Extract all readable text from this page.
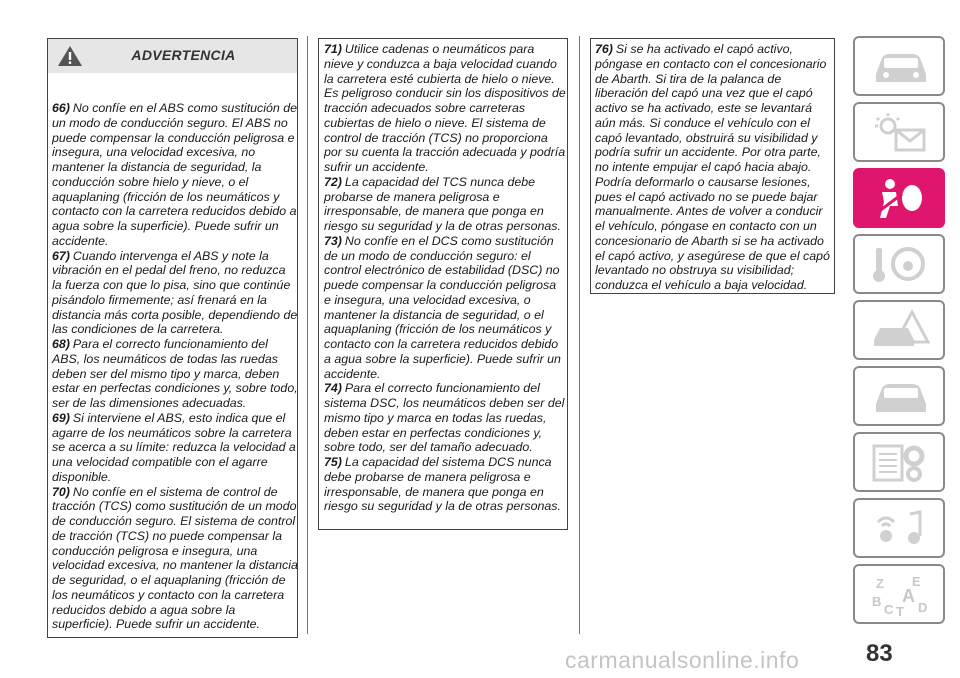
ADVERTENCIA

66) No confíe en el ABS como sustitución de un modo de conducción seguro. El ABS no puede compensar la conducción peligrosa e insegura, una velocidad excesiva, no mantener la distancia de seguridad, la conducción sobre hielo y nieve, o el aquaplaning (fricción de los neumáticos y contacto con la carretera reducidos debido a agua sobre la superficie). Puede sufrir un accidente.

67) Cuando intervenga el ABS y note la vibración en el pedal del freno, no reduzca la fuerza con que lo pisa, sino que continúe pisándolo firmemente; así frenará en la distancia más corta posible, dependiendo de las condiciones de la carretera.

68) Para el correcto funcionamiento del ABS, los neumáticos de todas las ruedas deben ser del mismo tipo y marca, deben estar en perfectas condiciones y, sobre todo, ser de las dimensiones adecuadas.

69) Si interviene el ABS, esto indica que el agarre de los neumáticos sobre la carretera se acerca a su límite: reduzca la velocidad a una velocidad compatible con el agarre disponible.

70) No confíe en el sistema de control de tracción (TCS) como sustitución de un modo de conducción seguro. El sistema de control de tracción (TCS) no puede compensar la conducción peligrosa e insegura, una velocidad excesiva, no mantener la distancia de seguridad, o el aquaplaning (fricción de los neumáticos y contacto con la carretera reducidos debido a agua sobre la superficie). Puede sufrir un accidente.

71) Utilice cadenas o neumáticos para nieve y conduzca a baja velocidad cuando la carretera esté cubierta de hielo o nieve. Es peligroso conducir sin los dispositivos de tracción adecuados sobre carreteras cubiertas de hielo o nieve. El sistema de control de tracción (TCS) no proporciona por su cuenta la tracción adecuada y podría sufrir un accidente.

72) La capacidad del TCS nunca debe probarse de manera peligrosa e irresponsable, de manera que ponga en riesgo su seguridad y la de otras personas.

73) No confíe en el DCS como sustitución de un modo de conducción seguro: el control electrónico de estabilidad (DSC) no puede compensar la conducción peligrosa e insegura, una velocidad excesiva, o mantener la distancia de seguridad, o el aquaplaning (fricción de los neumáticos y contacto con la carretera reducidos debido a agua sobre la superficie). Puede sufrir un accidente.

74) Para el correcto funcionamiento del sistema DSC, los neumáticos deben ser del mismo tipo y marca en todas las ruedas, deben estar en perfectas condiciones y, sobre todo, ser del tamaño adecuado.

75) La capacidad del sistema DCS nunca debe probarse de manera peligrosa e irresponsable, de manera que ponga en riesgo su seguridad y la de otras personas.

76) Si se ha activado el capó activo, póngase en contacto con el concesionario de Abarth. Si tira de la palanca de liberación del capó una vez que el capó activo se ha activado, este se levantará aún más. Si conduce el vehículo con el capó levantado, obstruirá su visibilidad y podría sufrir un accidente. Por otra parte, no intente empujar el capó hacia abajo. Podría deformarlo o causarse lesiones, pues el capó activado no se puede bajar manualmente. Antes de volver a conducir el vehículo, póngase en contacto con un concesionario de Abarth si se ha activado el capó activo, y asegúrese de que el capó levantado no obstruya su visibilidad; conduzca el vehículo a baja velocidad.

Z E
B A
C T D
carmanualsonline.info	83
